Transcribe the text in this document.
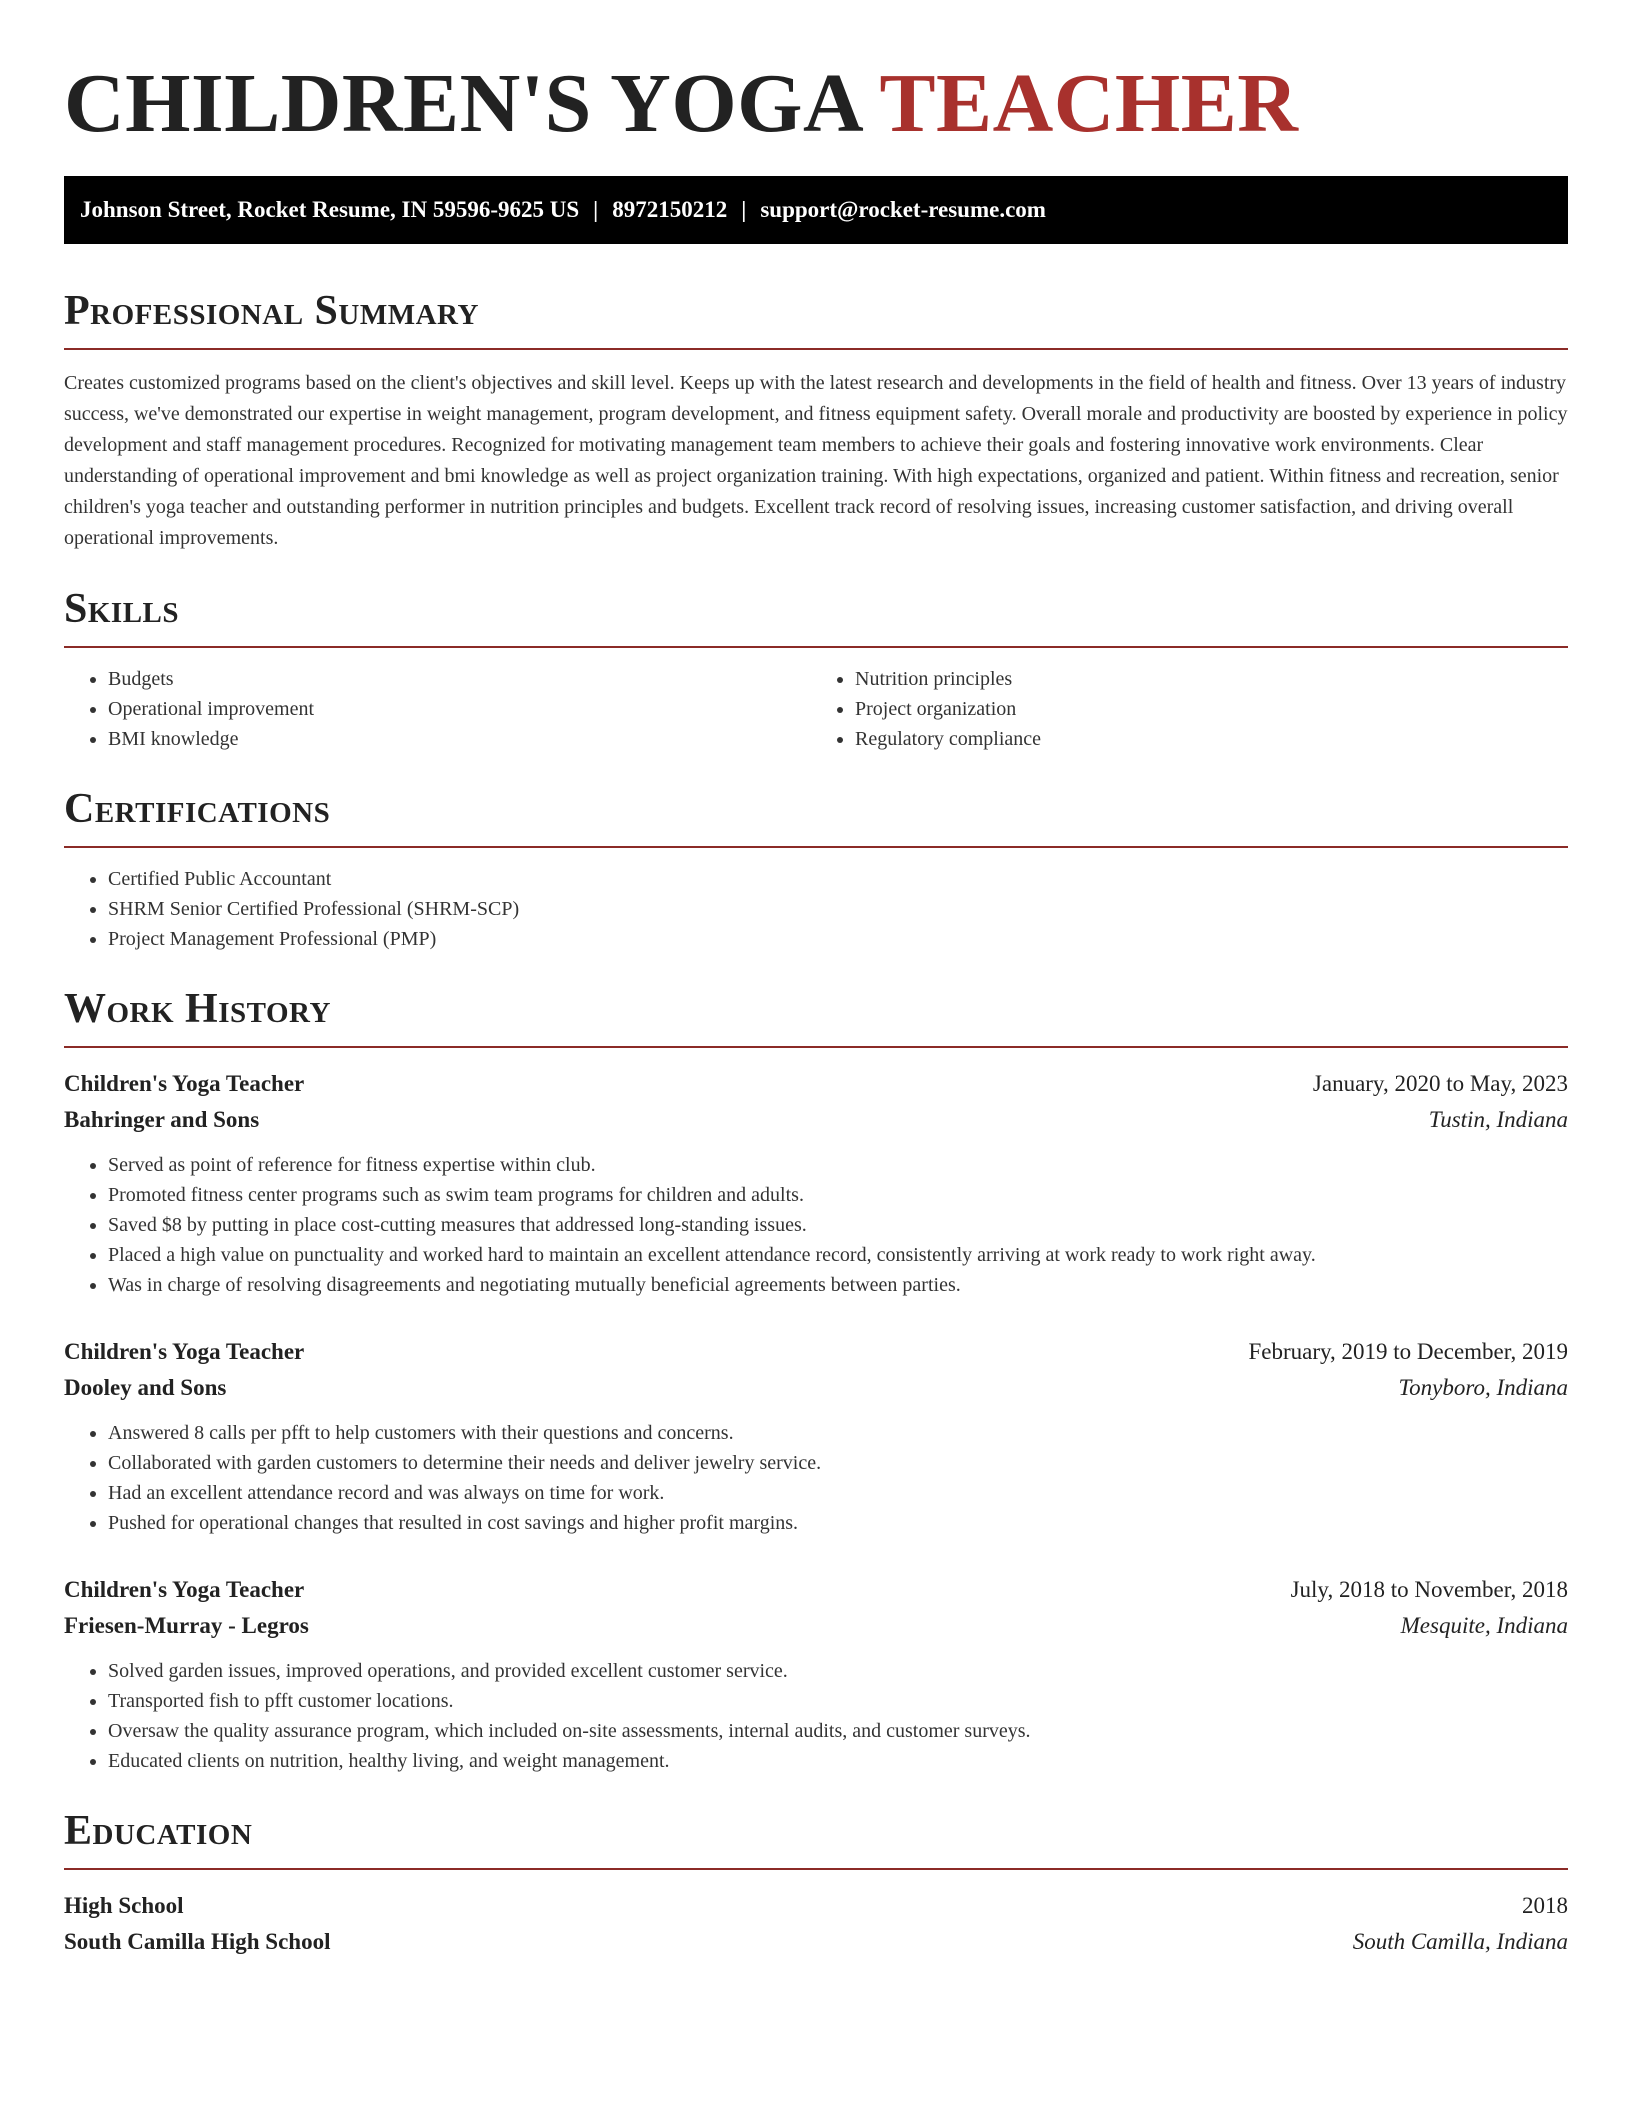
CHILDREN'S YOGA TEACHER
Johnson Street, Rocket Resume, IN 59596-9625 US | 8972150212 | support@rocket-resume.com
Professional Summary

Creates customized programs based on the client's objectives and skill level. Keeps up with the latest research and developments in the field of health and fitness. Over 13 years of industry success, we've demonstrated our expertise in weight management, program development, and fitness equipment safety. Overall morale and productivity are boosted by experience in policy development and staff management procedures. Recognized for motivating management team members to achieve their goals and fostering innovative work environments. Clear understanding of operational improvement and bmi knowledge as well as project organization training. With high expectations, organized and patient. Within fitness and recreation, senior children's yoga teacher and outstanding performer in nutrition principles and budgets. Excellent track record of resolving issues, increasing customer satisfaction, and driving overall operational improvements.

Skills
• Budgets
• Operational improvement
• BMI knowledge
• Nutrition principles
• Project organization
• Regulatory compliance
Certifications
• Certified Public Accountant
• SHRM Senior Certified Professional (SHRM-SCP)
• Project Management Professional (PMP)
Work History
Children's Yoga Teacher	January, 2020 to May, 2023
Bahringer and Sons	Tustin, Indiana
• Served as point of reference for fitness expertise within club.
• Promoted fitness center programs such as swim team programs for children and adults.
• Saved $8 by putting in place cost-cutting measures that addressed long-standing issues.
• Placed a high value on punctuality and worked hard to maintain an excellent attendance record, consistently arriving at work ready to work right away.
• Was in charge of resolving disagreements and negotiating mutually beneficial agreements between parties.
Children's Yoga Teacher	February, 2019 to December, 2019
Dooley and Sons	Tonyboro, Indiana
• Answered 8 calls per pfft to help customers with their questions and concerns.
• Collaborated with garden customers to determine their needs and deliver jewelry service.
• Had an excellent attendance record and was always on time for work.
• Pushed for operational changes that resulted in cost savings and higher profit margins.
Children's Yoga Teacher	July, 2018 to November, 2018
Friesen-Murray - Legros	Mesquite, Indiana
• Solved garden issues, improved operations, and provided excellent customer service.
• Transported fish to pfft customer locations.
• Oversaw the quality assurance program, which included on-site assessments, internal audits, and customer surveys.
• Educated clients on nutrition, healthy living, and weight management.
Education
High School	2018
South Camilla High School	South Camilla, Indiana
